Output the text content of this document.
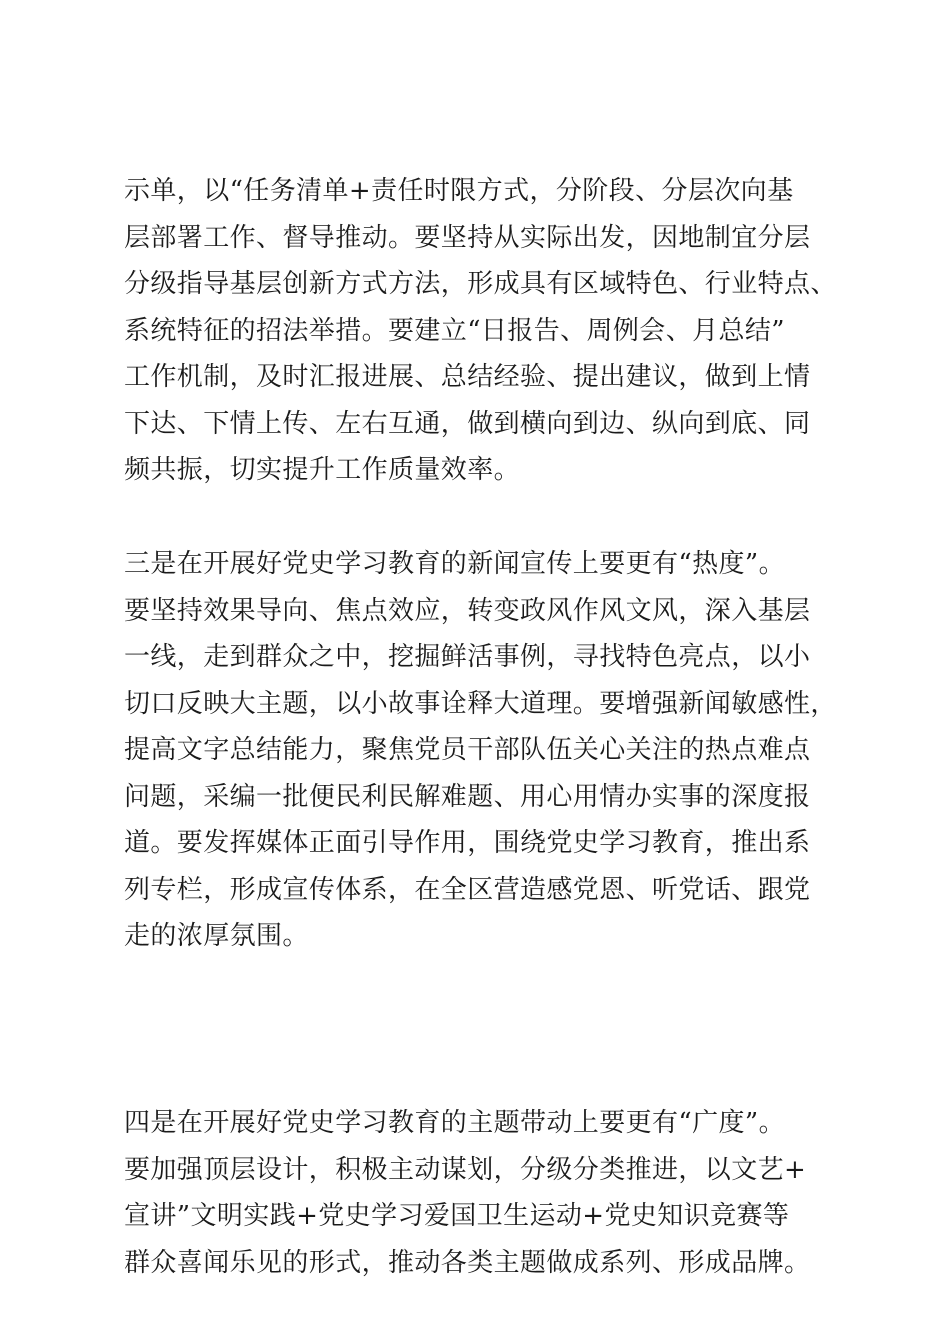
示单，以“任务清单+责任时限方式，分阶段、分层次向基
层部署工作、督导推动。要坚持从实际出发，因地制宜分层
分级指导基层创新方式方法，形成具有区域特色、行业特点、
系统特征的招法举措。要建立“日报告、周例会、月总结”
工作机制，及时汇报进展、总结经验、提出建议，做到上情
下达、下情上传、左右互通，做到横向到边、纵向到底、同
频共振，切实提升工作质量效率。
三是在开展好党史学习教育的新闻宣传上要更有“热度”。
要坚持效果导向、焦点效应，转变政风作风文风，深入基层
一线，走到群众之中，挖掘鲜活事例，寻找特色亮点，以小
切口反映大主题，以小故事诠释大道理。要增强新闻敏感性，
提高文字总结能力，聚焦党员干部队伍关心关注的热点难点
问题，采编一批便民利民解难题、用心用情办实事的深度报
道。要发挥媒体正面引导作用，围绕党史学习教育，推出系
列专栏，形成宣传体系，在全区营造感党恩、听党话、跟党
走的浓厚氛围。
四是在开展好党史学习教育的主题带动上要更有“广度”。
要加强顶层设计，积极主动谋划，分级分类推进，以文艺+
宣讲”文明实践+党史学习爱国卫生运动+党史知识竞赛等
群众喜闻乐见的形式，推动各类主题做成系列、形成品牌。
